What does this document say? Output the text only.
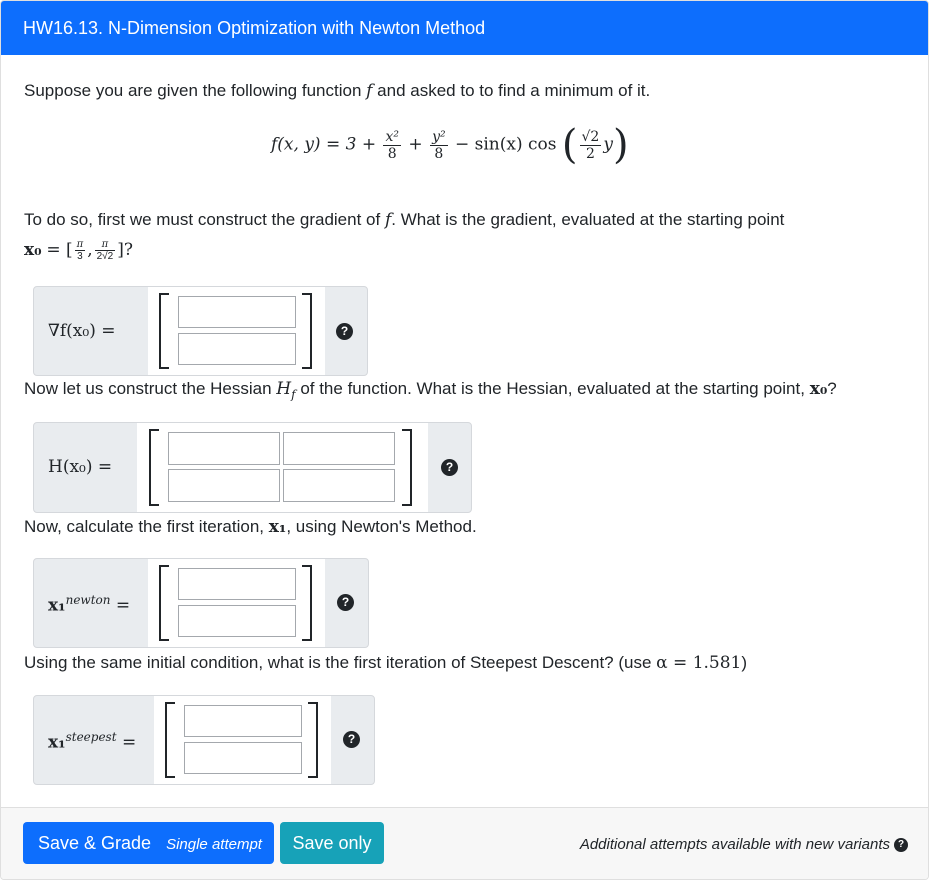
HW16.13. N-Dimension Optimization with Newton Method
Suppose you are given the following function f and asked to to find a minimum of it.
f(x, $y) = 3 + \frac{\text{x²}}{8} + \frac{\text{y²}}{8} - \sin(x)$ cos ( $\frac{√2}{2} y$)
To do so, first we must construct the gradient of f. What is the gradient, evaluated at the starting point
x₀ = [ $\frac{\pi}{3}$ , $\frac{\pi}{2√2}$ ]?
∇f(x₀) =	?
Now let us construct the Hessian $H_f$ of the function. What is the Hessian, evaluated at the starting point, x₀?
H(x₀) =	?
Now, calculate the first iteration, x₁, using Newton's Method.
x₁$^{newton}$ =	?
Using the same initial condition, what is the first iteration of Steepest Descent? (use α = 1.581)
x₁$^{steepest}$ =	?
Save & Grade Single attempt	Save only	Additional attempts available with new variants ?
